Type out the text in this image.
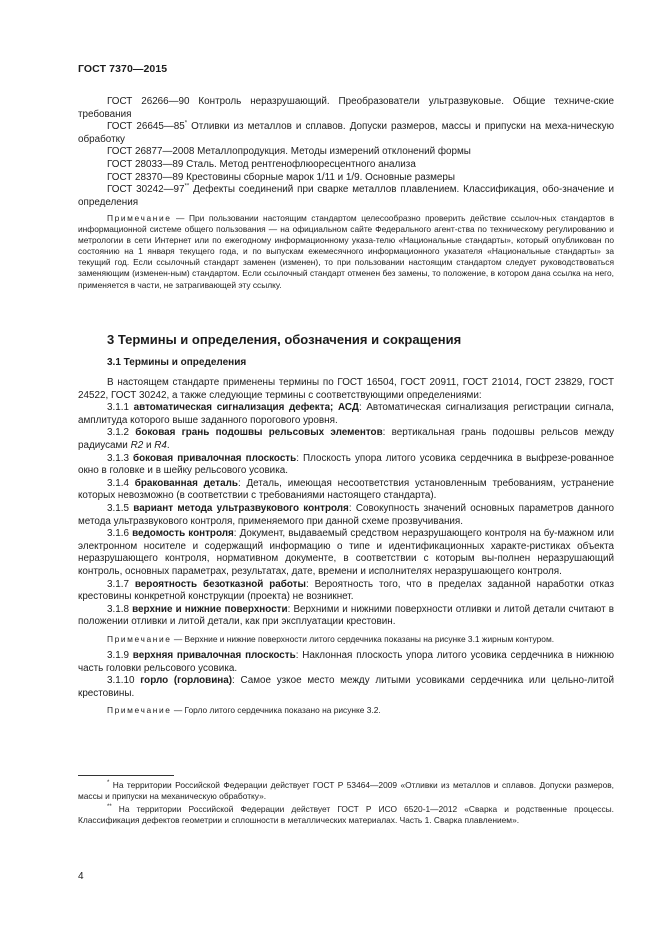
ГОСТ 7370—2015

ГОСТ 26266—90 Контроль неразрушающий. Преобразователи ультразвуковые. Общие техниче-ские требования

ГОСТ 26645—85* Отливки из металлов и сплавов. Допуски размеров, массы и припуски на меха-ническую обработку

ГОСТ 26877—2008 Металлопродукция. Методы измерений отклонений формы

ГОСТ 28033—89 Сталь. Метод рентгенофлюоресцентного анализа

ГОСТ 28370—89 Крестовины сборные марок 1/11 и 1/9. Основные размеры

ГОСТ 30242—97** Дефекты соединений при сварке металлов плавлением. Классификация, обо-значение и определения

Примечание — При пользовании настоящим стандартом целесообразно проверить действие ссылоч-ных стандартов в информационной системе общего пользования — на официальном сайте Федерального агент-ства по техническому регулированию и метрологии в сети Интернет или по ежегодному информационному указа-телю «Национальные стандарты», который опубликован по состоянию на 1 января текущего года, и по выпускам ежемесячного информационного указателя «Национальные стандарты» за текущий год. Если ссылочный стандарт заменен (изменен), то при пользовании настоящим стандартом следует руководствоваться заменяющим (изменен-ным) стандартом. Если ссылочный стандарт отменен без замены, то положение, в котором дана ссылка на него, применяется в части, не затрагивающей эту ссылку.

3 Термины и определения, обозначения и сокращения
3.1 Термины и определения

В настоящем стандарте применены термины по ГОСТ 16504, ГОСТ 20911, ГОСТ 21014, ГОСТ 23829, ГОСТ 24522, ГОСТ 30242, а также следующие термины с соответствующими определениями:

3.1.1 автоматическая сигнализация дефекта; АСД: Автоматическая сигнализация регистрации сигнала, амплитуда которого выше заданного порогового уровня.

3.1.2 боковая грань подошвы рельсовых элементов: вертикальная грань подошвы рельсов между радиусами R2 и R4.

3.1.3 боковая привалочная плоскость: Плоскость упора литого усовика сердечника в выфрезе-рованное окно в головке и в шейку рельсового усовика.

3.1.4 бракованная деталь: Деталь, имеющая несоответствия установленным требованиям, устранение которых невозможно (в соответствии с требованиями настоящего стандарта).

3.1.5 вариант метода ультразвукового контроля: Совокупность значений основных параметров данного метода ультразвукового контроля, применяемого при данной схеме прозвучивания.

3.1.6 ведомость контроля: Документ, выдаваемый средством неразрушающего контроля на бу-мажном или электронном носителе и содержащий информацию о типе и идентификационных характе-ристиках объекта неразрушающего контроля, нормативном документе, в соответствии с которым вы-полнен неразрушающий контроль, основных параметрах, результатах, дате, времени и исполнителях неразрушающего контроля.

3.1.7 вероятность безотказной работы: Вероятность того, что в пределах заданной наработки отказ крестовины конкретной конструкции (проекта) не возникнет.

3.1.8 верхние и нижние поверхности: Верхними и нижними поверхности отливки и литой детали считают в положении отливки и литой детали, как при эксплуатации крестовин.

Примечание — Верхние и нижние поверхности литого сердечника показаны на рисунке 3.1 жирным контуром.

3.1.9 верхняя привалочная плоскость: Наклонная плоскость упора литого усовика сердечника в нижнюю часть головки рельсового усовика.

3.1.10 горло (горловина): Самое узкое место между литыми усовиками сердечника или цельно-литой крестовины.

Примечание — Горло литого сердечника показано на рисунке 3.2.

* На территории Российской Федерации действует ГОСТ Р 53464—2009 «Отливки из металлов и сплавов. Допуски размеров, массы и припуски на механическую обработку».

** На территории Российской Федерации действует ГОСТ Р ИСО 6520-1—2012 «Сварка и родственные процессы. Классификация дефектов геометрии и сплошности в металлических материалах. Часть 1. Сварка плавлением».

4
